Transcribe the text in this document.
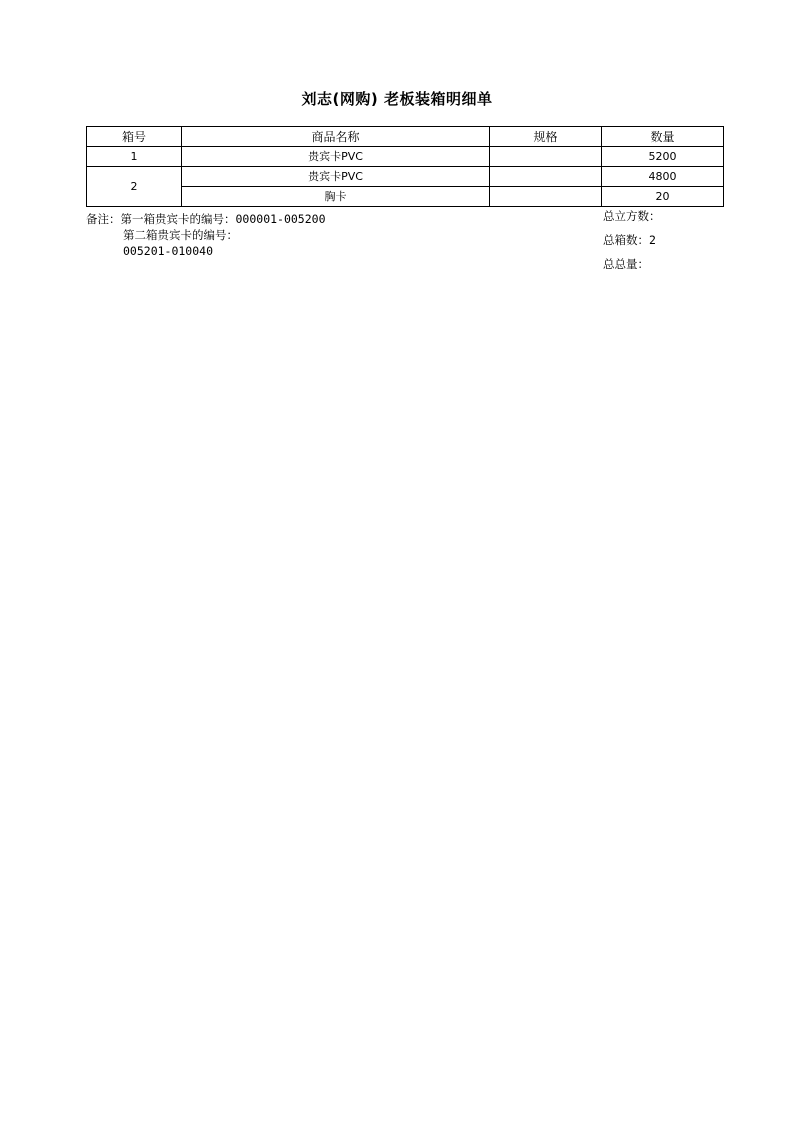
刘志(网购) 老板装箱明细单
箱号	商品名称	规格	数量
1	贵宾卡PVC		5200
2	贵宾卡PVC		4800
	胸卡		20
备注：第一箱贵宾卡的编号：000001-005200
第二箱贵宾卡的编号：
005201-010040
总立方数：
总箱数：2
总总量：
